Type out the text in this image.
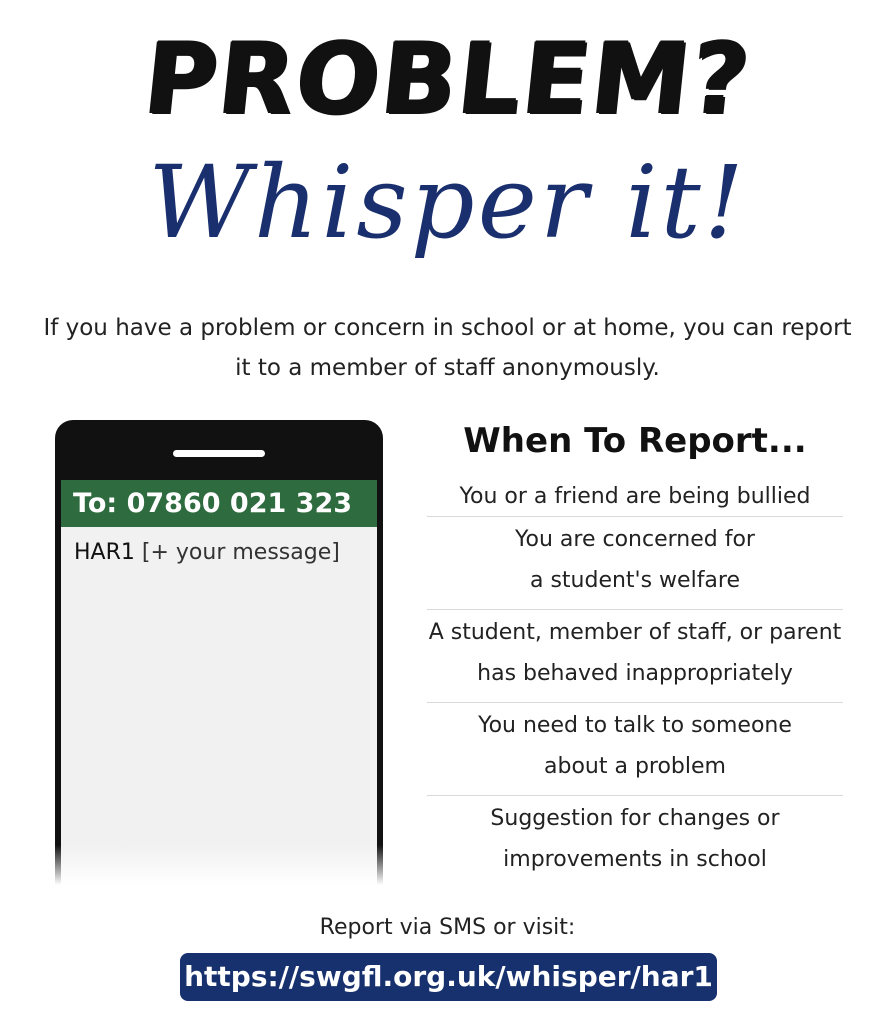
PROBLEM?
Whisper it!
If you have a problem or concern in school or at home, you can report
it to a member of staff anonymously.
To: 07860 021 323
HAR1 [+ your message]
When To Report...
You or a friend are being bullied
You are concerned for
a student's welfare
A student, member of staff, or parent
has behaved inappropriately
You need to talk to someone
about a problem
Suggestion for changes or
improvements in school
Report via SMS or visit:
https://swgfl.org.uk/whisper/har1
